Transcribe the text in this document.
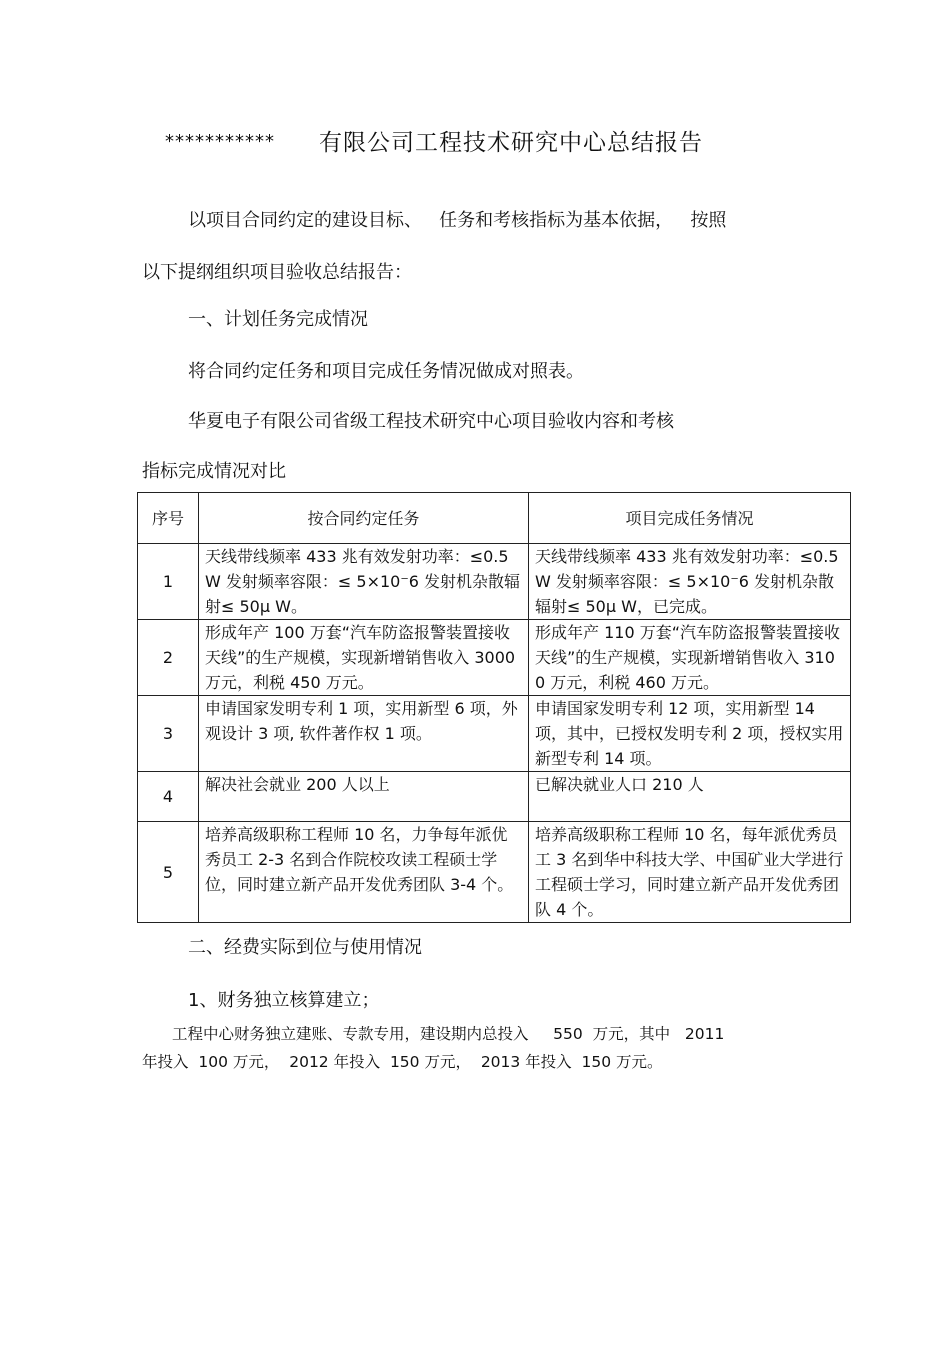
*********** 有限公司工程技术研究中心总结报告
以项目合同约定的建设目标、   任务和考核指标为基本依据，   按照
以下提纲组织项目验收总结报告：
一、计划任务完成情况
将合同约定任务和项目完成任务情况做成对照表。
华夏电子有限公司省级工程技术研究中心项目验收内容和考核
指标完成情况对比
序号	按合同约定任务	项目完成任务情况
1	天线带线频率 433 兆有效发射功率：≤0.5W 发射频率容限：≤ 5×10⁻6 发射机杂散辐射≤ 50μ W。	天线带线频率 433 兆有效发射功率：≤0.5W 发射频率容限：≤ 5×10⁻6 发射机杂散辐射≤ 50μ W，已完成。
2	形成年产 100 万套“汽车防盗报警装置接收天线”的生产规模，实现新增销售收入 3000 万元，利税 450 万元。	形成年产 110 万套“汽车防盗报警装置接收天线”的生产规模，实现新增销售收入 3100 万元，利税 460 万元。
3	申请国家发明专利 1 项，实用新型 6 项，外观设计 3 项, 软件著作权 1 项。	申请国家发明专利 12 项，实用新型 14 项，其中，已授权发明专利 2 项，授权实用新型专利 14 项。
4	解决社会就业 200 人以上	已解决就业人口 210 人
5	培养高级职称工程师 10 名，力争每年派优秀员工 2-3 名到合作院校攻读工程硕士学位，同时建立新产品开发优秀团队 3-4 个。	培养高级职称工程师 10 名，每年派优秀员工 3 名到华中科技大学、中国矿业大学进行工程硕士学习，同时建立新产品开发优秀团队 4 个。
二、经费实际到位与使用情况
1、财务独立核算建立；
工程中心财务独立建账、专款专用，建设期内总投入     550  万元，其中   2011
年投入  100 万元，  2012 年投入  150 万元，  2013 年投入  150 万元。
